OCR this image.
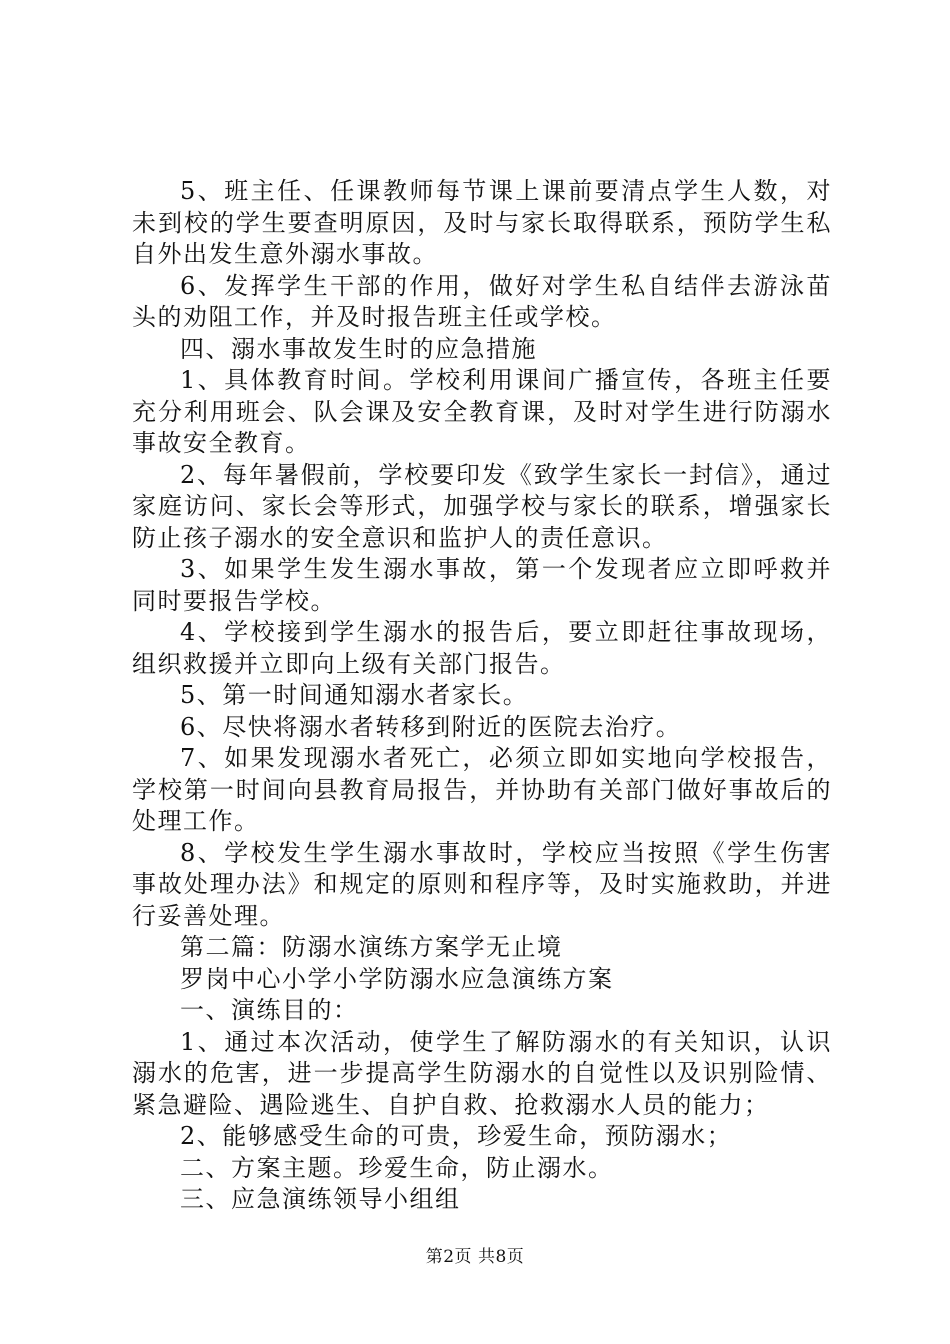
5、班主任、任课教师每节课上课前要清点学生人数，对未到校的学生要查明原因，及时与家长取得联系，预防学生私自外出发生意外溺水事故。

6、发挥学生干部的作用，做好对学生私自结伴去游泳苗头的劝阻工作，并及时报告班主任或学校。

四、溺水事故发生时的应急措施

1、具体教育时间。学校利用课间广播宣传，各班主任要充分利用班会、队会课及安全教育课，及时对学生进行防溺水事故安全教育。

2、每年暑假前，学校要印发《致学生家长一封信》，通过家庭访问、家长会等形式，加强学校与家长的联系，增强家长防止孩子溺水的安全意识和监护人的责任意识。

3、如果学生发生溺水事故，第一个发现者应立即呼救并同时要报告学校。

4、学校接到学生溺水的报告后，要立即赶往事故现场，组织救援并立即向上级有关部门报告。

5、第一时间通知溺水者家长。

6、尽快将溺水者转移到附近的医院去治疗。

7、如果发现溺水者死亡，必须立即如实地向学校报告，学校第一时间向县教育局报告，并协助有关部门做好事故后的处理工作。

8、学校发生学生溺水事故时，学校应当按照《学生伤害事故处理办法》和规定的原则和程序等，及时实施救助，并进行妥善处理。

第二篇：防溺水演练方案学无止境

罗岗中心小学小学防溺水应急演练方案

一、演练目的：

1、通过本次活动，使学生了解防溺水的有关知识，认识溺水的危害，进一步提高学生防溺水的自觉性以及识别险情、紧急避险、遇险逃生、自护自救、抢救溺水人员的能力；

2、能够感受生命的可贵，珍爱生命，预防溺水；

二、方案主题。珍爱生命，防止溺水。

三、应急演练领导小组组

第2页 共8页
